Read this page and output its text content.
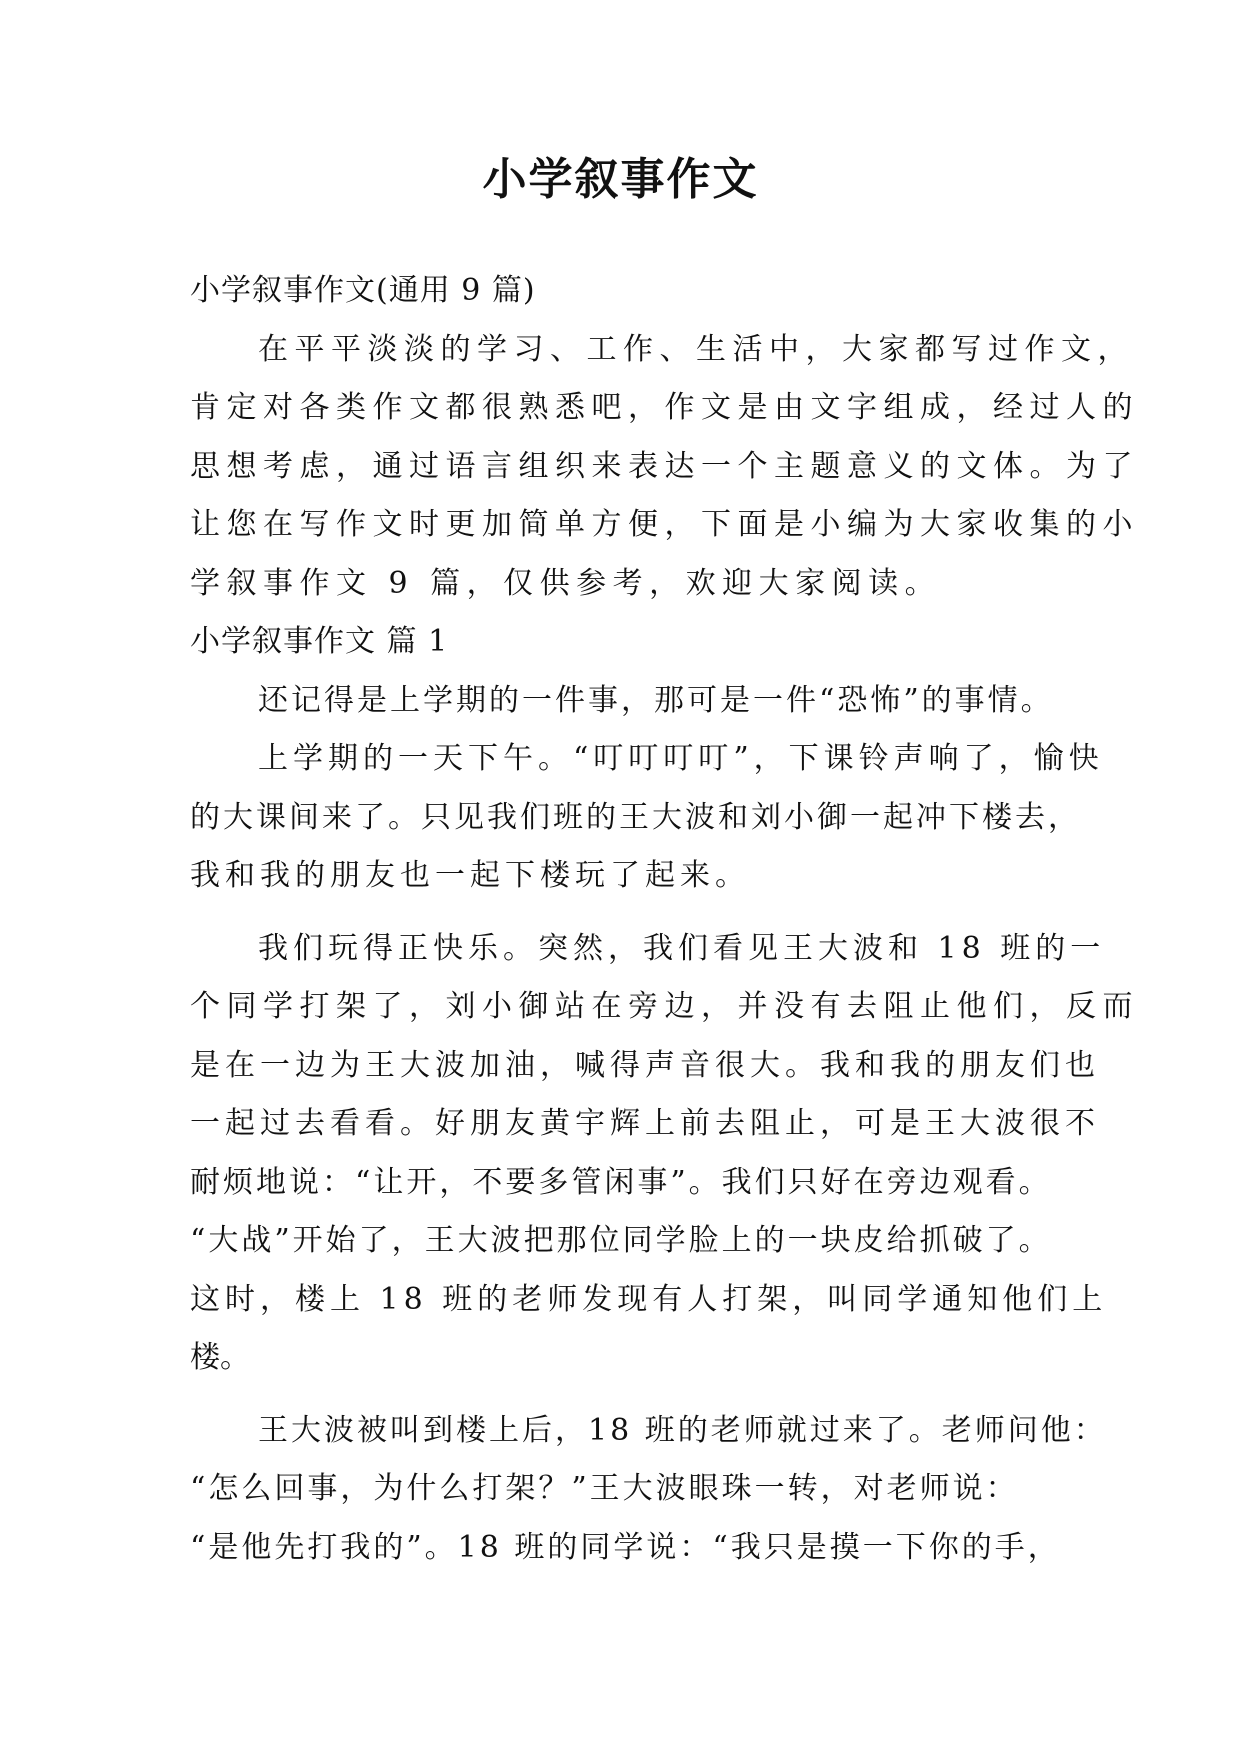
小学叙事作文
小学叙事作文(通用 9 篇)
在平平淡淡的学习、工作、生活中，大家都写过作文，
肯定对各类作文都很熟悉吧，作文是由文字组成，经过人的
思想考虑，通过语言组织来表达一个主题意义的文体。为了
让您在写作文时更加简单方便，下面是小编为大家收集的小
学叙事作文 9 篇，仅供参考，欢迎大家阅读。
小学叙事作文 篇 1
还记得是上学期的一件事，那可是一件“恐怖”的事情。
上学期的一天下午。“叮叮叮叮”，下课铃声响了，愉快
的大课间来了。只见我们班的王大波和刘小御一起冲下楼去，
我和我的朋友也一起下楼玩了起来。
我们玩得正快乐。突然，我们看见王大波和 18 班的一
个同学打架了，刘小御站在旁边，并没有去阻止他们，反而
是在一边为王大波加油，喊得声音很大。我和我的朋友们也
一起过去看看。好朋友黄宇辉上前去阻止，可是王大波很不
耐烦地说：“让开，不要多管闲事”。我们只好在旁边观看。
“大战”开始了，王大波把那位同学脸上的一块皮给抓破了。
这时，楼上 18 班的老师发现有人打架，叫同学通知他们上
楼。
王大波被叫到楼上后，18 班的老师就过来了。老师问他：
“怎么回事，为什么打架？”王大波眼珠一转，对老师说：
“是他先打我的”。18 班的同学说：“我只是摸一下你的手，
